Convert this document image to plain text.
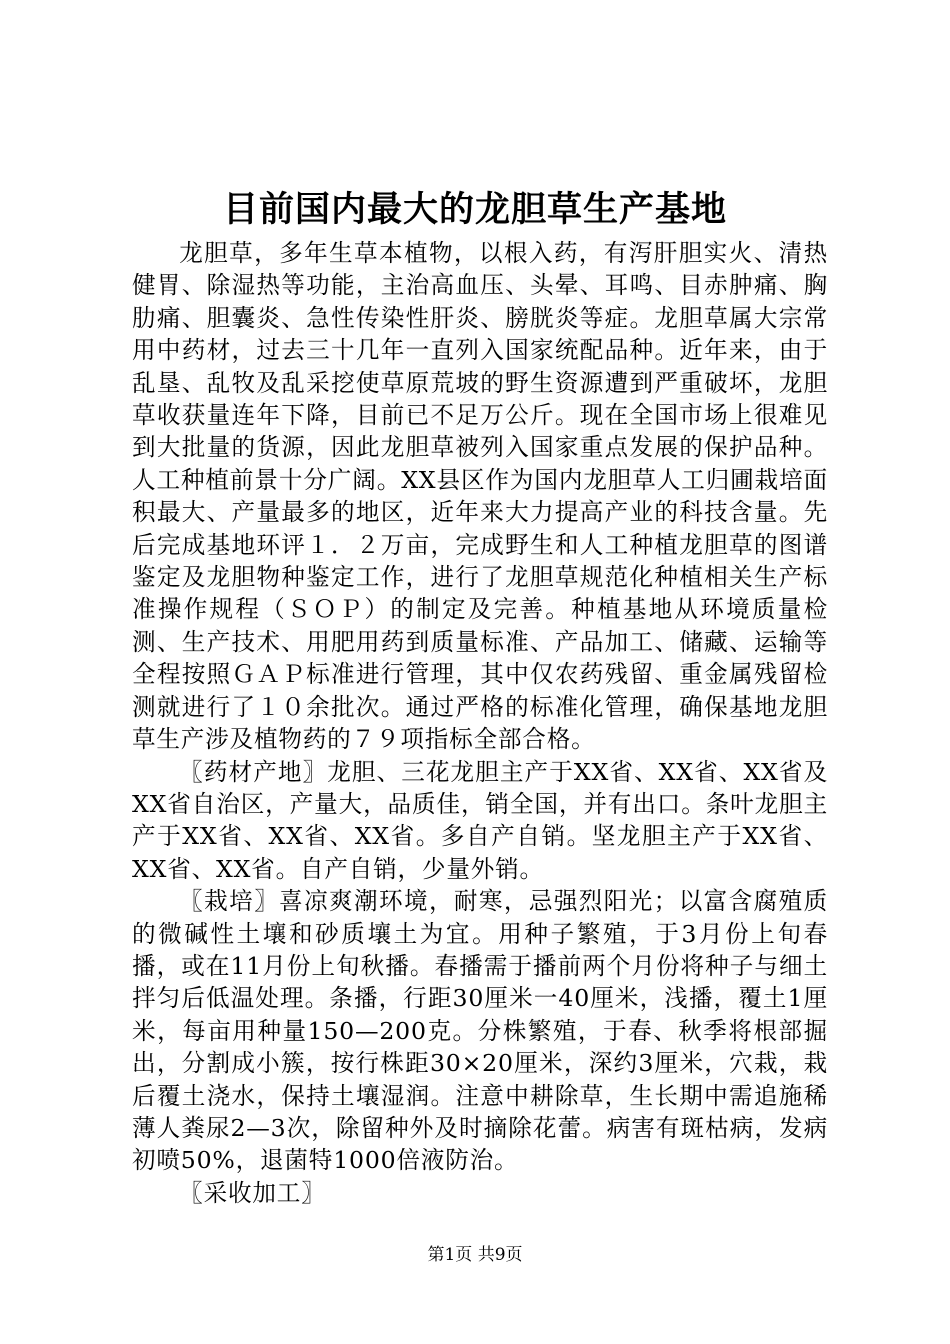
目前国内最大的龙胆草生产基地

龙胆草，多年生草本植物，以根入药，有泻肝胆实火、清热健胃、除湿热等功能，主治高血压、头晕、耳鸣、目赤肿痛、胸肋痛、胆囊炎、急性传染性肝炎、膀胱炎等症。龙胆草属大宗常用中药材，过去三十几年一直列入国家统配品种。近年来，由于乱垦、乱牧及乱采挖使草原荒坡的野生资源遭到严重破坏，龙胆草收获量连年下降，目前已不足万公斤。现在全国市场上很难见到大批量的货源，因此龙胆草被列入国家重点发展的保护品种。人工种植前景十分广阔。XX县区作为国内龙胆草人工归圃栽培面积最大、产量最多的地区，近年来大力提高产业的科技含量。先后完成基地环评１．２万亩，完成野生和人工种植龙胆草的图谱鉴定及龙胆物种鉴定工作，进行了龙胆草规范化种植相关生产标准操作规程（ＳＯＰ）的制定及完善。种植基地从环境质量检测、生产技术、用肥用药到质量标准、产品加工、储藏、运输等全程按照ＧＡＰ标准进行管理，其中仅农药残留、重金属残留检测就进行了１０余批次。通过严格的标准化管理，确保基地龙胆草生产涉及植物药的７９项指标全部合格。

〖药材产地〗龙胆、三花龙胆主产于XX省、XX省、XX省及XX省自治区，产量大，品质佳，销全国，并有出口。条叶龙胆主产于XX省、XX省、XX省。多自产自销。坚龙胆主产于XX省、XX省、XX省。自产自销，少量外销。

〖栽培〗喜凉爽潮环境，耐寒，忌强烈阳光；以富含腐殖质的微碱性土壤和砂质壤土为宜。用种子繁殖，于3月份上旬春播，或在11月份上旬秋播。春播需于播前两个月份将种子与细土拌匀后低温处理。条播，行距30厘米一40厘米，浅播，覆土1厘米，每亩用种量150—200克。分株繁殖，于春、秋季将根部掘出，分割成小簇，按行株距30×20厘米，深约3厘米，穴栽，栽后覆土浇水，保持土壤湿润。注意中耕除草，生长期中需追施稀薄人粪尿2—3次，除留种外及时摘除花蕾。病害有斑枯病，发病初喷50%，退菌特1000倍液防治。

〖采收加工〗

第1页 共9页
